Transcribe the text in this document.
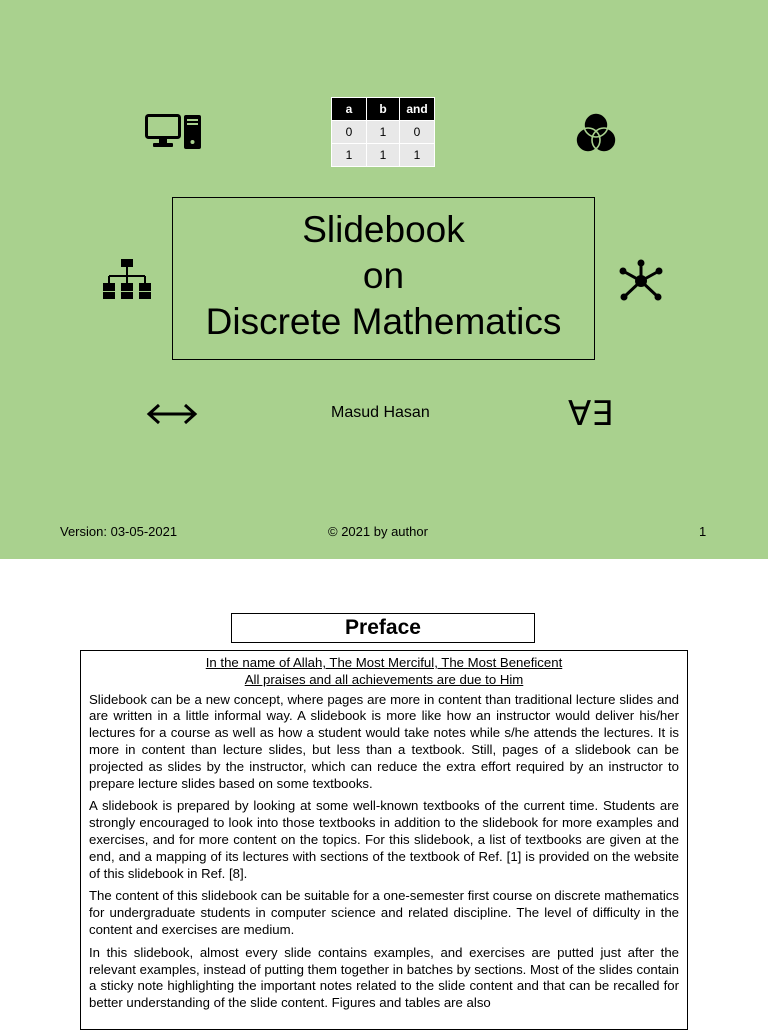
a	b	and
0	1	0
1	1	1
Slidebook
on
Discrete Mathematics
Masud Hasan	∀∃
Version: 03-05-2021	© 2021 by author	1
Preface

In the name of Allah, The Most Merciful, The Most Beneficent

All praises and all achievements are due to Him

Slidebook can be a new concept, where pages are more in content than traditional lecture slides and are written in a little informal way. A slidebook is more like how an instructor would deliver his/her lectures for a course as well as how a student would take notes while s/he attends the lectures. It is more in content than lecture slides, but less than a textbook. Still, pages of a slidebook can be projected as slides by the instructor, which can reduce the extra effort required by an instructor to prepare lecture slides based on some textbooks.

A slidebook is prepared by looking at some well-known textbooks of the current time. Students are strongly encouraged to look into those textbooks in addition to the slidebook for more examples and exercises, and for more content on the topics. For this slidebook, a list of textbooks are given at the end, and a mapping of its lectures with sections of the textbook of Ref. [1] is provided on the website of this slidebook in Ref. [8].

The content of this slidebook can be suitable for a one-semester first course on discrete mathematics for undergraduate students in computer science and related discipline. The level of difficulty in the content and exercises are medium.

In this slidebook, almost every slide contains examples, and exercises are putted just after the relevant examples, instead of putting them together in batches by sections. Most of the slides contain a sticky note highlighting the important notes related to the slide content and that can be recalled for better understanding of the slide content. Figures and tables are also
